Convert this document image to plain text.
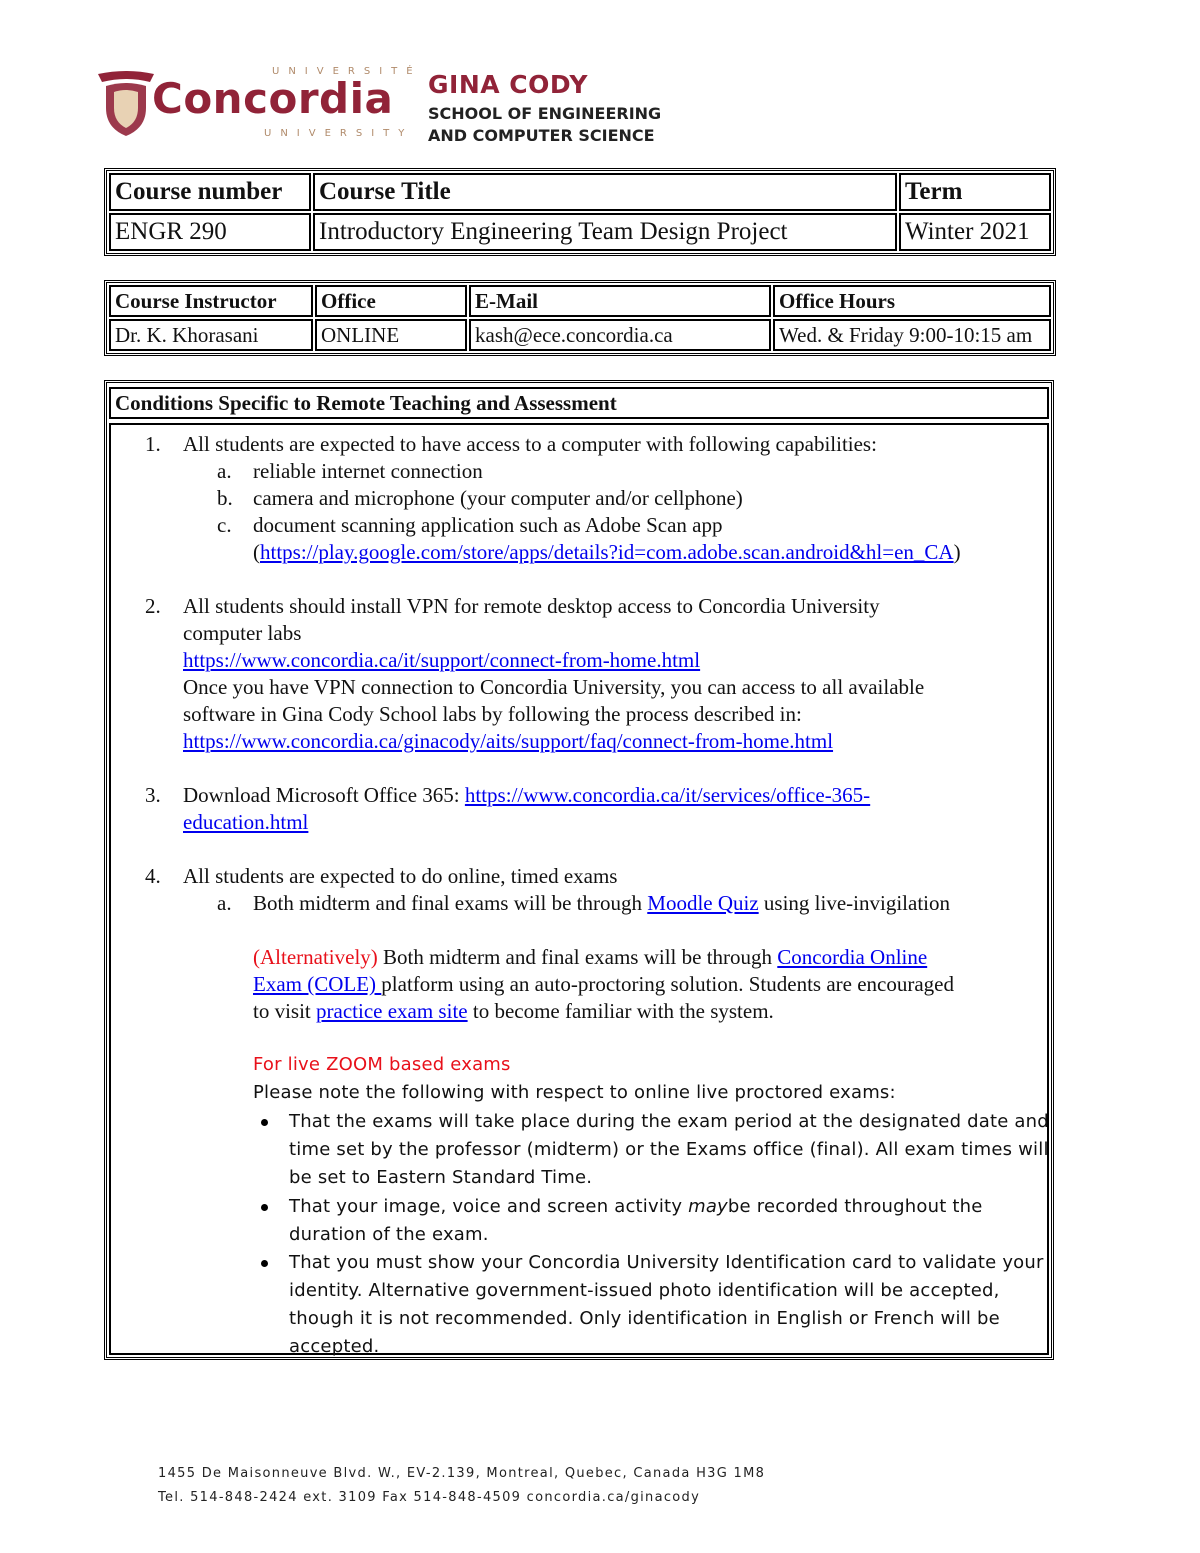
UNIVERSITÉ
Concordia
UNIVERSITY
GINA CODY
SCHOOL OF ENGINEERING
AND COMPUTER SCIENCE
Course number	Course Title	Term
ENGR 290	Introductory Engineering Team Design Project	Winter 2021
Course Instructor	Office	E-Mail	Office Hours
Dr. K. Khorasani	ONLINE	kash@ece.concordia.ca	Wed. & Friday 9:00-10:15 am
Conditions Specific to Remote Teaching and Assessment
1. All students are expected to have access to a computer with following capabilities:
a. reliable internet connection
b. camera and microphone (your computer and/or cellphone)
c. document scanning application such as Adobe Scan app
(https://play.google.com/store/apps/details?id=com.adobe.scan.android&hl=en_CA)
2. All students should install VPN for remote desktop access to Concordia University
computer labs
https://www.concordia.ca/it/support/connect-from-home.html
Once you have VPN connection to Concordia University, you can access to all available
software in Gina Cody School labs by following the process described in:
https://www.concordia.ca/ginacody/aits/support/faq/connect-from-home.html
3. Download Microsoft Office 365: https://www.concordia.ca/it/services/office-365-
education.html
4. All students are expected to do online, timed exams
a. Both midterm and final exams will be through Moodle Quiz using live-invigilation
(Alternatively) Both midterm and final exams will be through Concordia Online
Exam (COLE) platform using an auto-proctoring solution. Students are encouraged
to visit practice exam site to become familiar with the system.
For live ZOOM based exams
Please note the following with respect to online live proctored exams:
That the exams will take place during the exam period at the designated date and
time set by the professor (midterm) or the Exams office (final). All exam times will
be set to Eastern Standard Time.
That your image, voice and screen activity maybe recorded throughout the
duration of the exam.
That you must show your Concordia University Identification card to validate your
identity. Alternative government-issued photo identification will be accepted,
though it is not recommended. Only identification in English or French will be
accepted.
1455 De Maisonneuve Blvd. W., EV-2.139, Montreal, Quebec, Canada H3G 1M8
Tel. 514-848-2424 ext. 3109 Fax 514-848-4509 concordia.ca/ginacody
